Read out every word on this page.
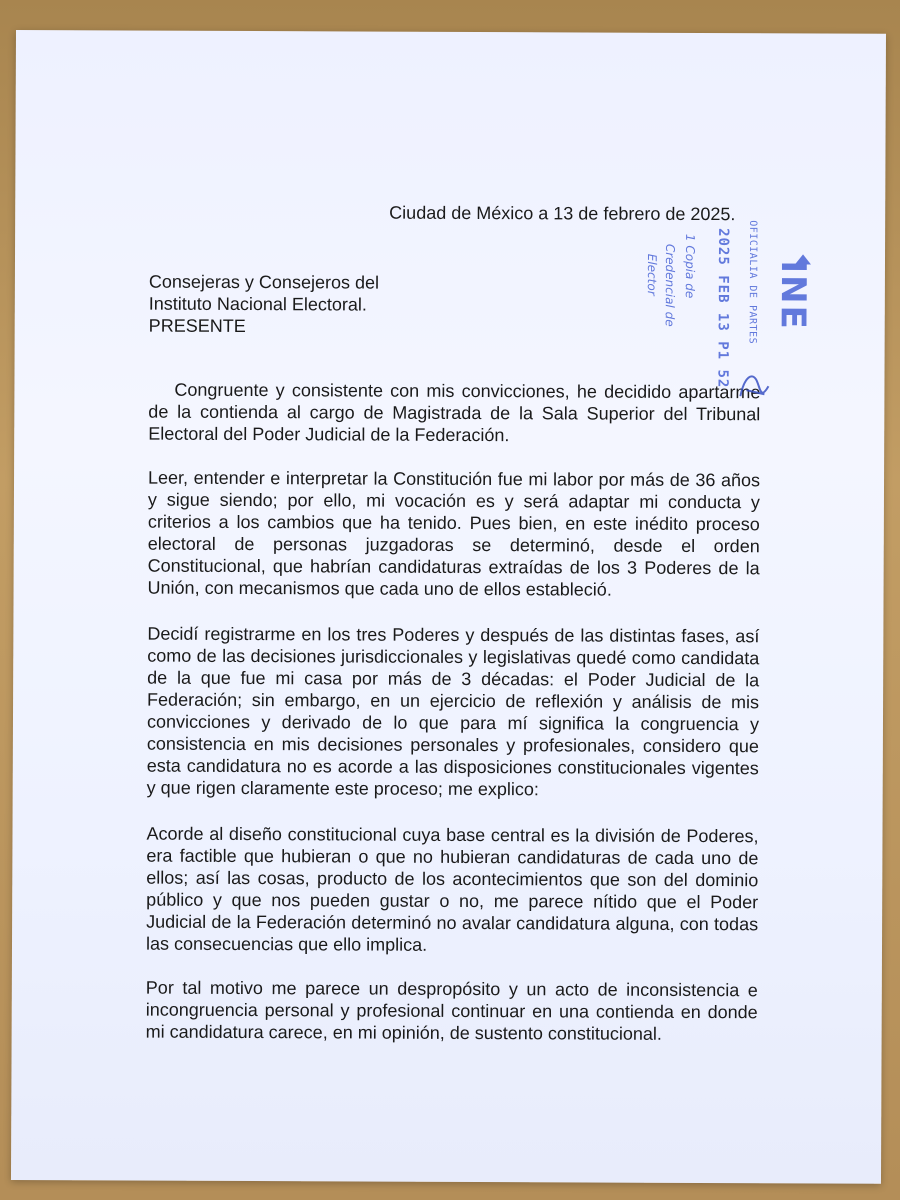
Ciudad de México a 13 de febrero de 2025.
Consejeras y Consejeros del
Instituto Nacional Electoral.
PRESENTE
Congruente y consistente con mis convicciones, he decidido apartarme de la contienda al cargo de Magistrada de la Sala Superior del Tribunal Electoral del Poder Judicial de la Federación.
Leer, entender e interpretar la Constitución fue mi labor por más de 36 años y sigue siendo; por ello, mi vocación es y será adaptar mi conducta y criterios a los cambios que ha tenido. Pues bien, en este inédito proceso electoral de personas juzgadoras se determinó, desde el orden Constitucional, que habrían candidaturas extraídas de los 3 Poderes de la Unión, con mecanismos que cada uno de ellos estableció.
Decidí registrarme en los tres Poderes y después de las distintas fases, así como de las decisiones jurisdiccionales y legislativas quedé como candidata de la que fue mi casa por más de 3 décadas: el Poder Judicial de la Federación; sin embargo, en un ejercicio de reflexión y análisis de mis convicciones y derivado de lo que para mí significa la congruencia y consistencia en mis decisiones personales y profesionales, considero que esta candidatura no es acorde a las disposiciones constitucionales vigentes y que rigen claramente este proceso; me explico:
Acorde al diseño constitucional cuya base central es la división de Poderes, era factible que hubieran o que no hubieran candidaturas de cada uno de ellos; así las cosas, producto de los acontecimientos que son del dominio público y que nos pueden gustar o no, me parece nítido que el Poder Judicial de la Federación determinó no avalar candidatura alguna, con todas las consecuencias que ello implica.
Por tal motivo me parece un despropósito y un acto de inconsistencia e incongruencia personal y profesional continuar en una contienda en donde mi candidatura carece, en mi opinión, de sustento constitucional.
INE
OFICIALIA DE PARTES
2025 FEB 13 P1 52
1 Copia de
Credencial de
Elector
